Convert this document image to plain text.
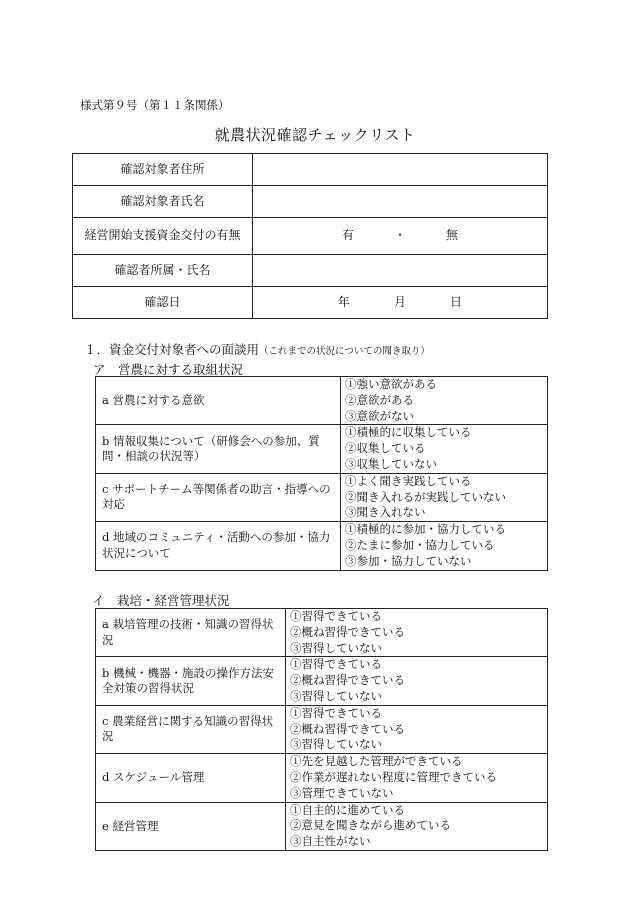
様式第９号（第１１条関係）
就農状況確認チェックリスト
確認対象者住所	
確認対象者氏名	
経営開始支援資金交付の有無	有 ・ 無
確認者所属・氏名	
確認日	年 月 日
１．資金交付対象者への面談用（これまでの状況についての聞き取り）
ア　営農に対する取組状況
a 営農に対する意欲	①強い意欲がある
②意欲がある
③意欲がない

b 情報収集について（研修会への参加、質問・相談の状況等）	①積極的に収集している
②収集している
③収集していない

c サポートチーム等関係者の助言・指導への対応	①よく聞き実践している
②聞き入れるが実践していない
③聞き入れない

d 地域のコミュニティ・活動への参加・協力状況について	①積極的に参加・協力している
②たまに参加・協力している
③参加・協力していない
イ　栽培・経営管理状況
a 栽培管理の技術・知識の習得状況	①習得できている
②概ね習得できている
③習得していない

b 機械・機器・施設の操作方法安全対策の習得状況	①習得できている
②概ね習得できている
③習得していない

c 農業経営に関する知識の習得状況	①習得できている
②概ね習得できている
③習得していない

d スケジュール管理	①先を見越した管理ができている
②作業が遅れない程度に管理できている
③管理できていない

e 経営管理	①自主的に進めている
②意見を聞きながら進めている
③自主性がない
